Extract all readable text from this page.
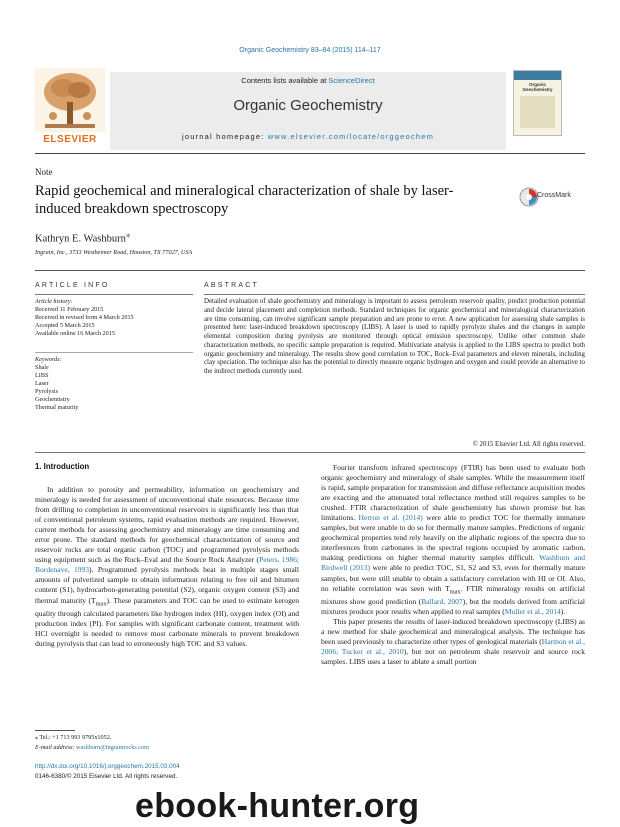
Organic Geochemistry 83–84 (2015) 114–117
ELSEVIER
Contents lists available at ScienceDirect
Organic Geochemistry
journal homepage: www.elsevier.com/locate/orggeochem
Organic Geochemistry
Note
Rapid geochemical and mineralogical characterization of shale by laser-induced breakdown spectroscopy
CrossMark
Kathryn E. Washburn⁎
Ingrain, Inc., 3733 Westheimer Road, Houston, TX 77027, USA
ARTICLE INFO	ABSTRACT
Article history:
Received 11 February 2015
Received in revised form 4 March 2015
Accepted 5 March 2015
Available online 16 March 2015
Keywords:
Shale
LIBS
Laser
Pyrolysis
Geochemistry
Thermal maturity
Detailed evaluation of shale geochemistry and mineralogy is important to assess petroleum reservoir quality, predict production potential and decide lateral placement and completion methods. Standard techniques for organic geochemical and mineralogical characterization are time consuming, can involve significant sample preparation and are prone to error. A new application for assessing shale samples is presented here: laser-induced breakdown spectroscopy (LIBS). A laser is used to rapidly pyrolyze shales and the changes in sample elemental composition during pyrolysis are monitored through optical emission spectroscopy. Unlike other common shale characterization methods, no specific sample preparation is required. Multivariate analysis is applied to the LIBS spectra to predict both organic geochemistry and mineralogy. The results show good correlation to TOC, Rock–Eval parameters and eleven minerals, including clay speciation. The technique also has the potential to directly measure organic hydrogen and oxygen and could provide an alternative to the indirect methods currently used.
© 2015 Elsevier Ltd. All rights reserved.
1. Introduction

In addition to porosity and permeability, information on geochemistry and mineralogy is needed for assessment of unconventional shale resources. Because time from drilling to completion in unconventional reservoirs is significantly less than that of conventional petroleum systems, rapid evaluation methods are required. However, current methods for assessing geochemistry and mineralogy are time consuming and error prone. The standard methods for geochemical characterization of source and reservoir rocks are total organic carbon (TOC) and programmed pyrolysis methods using equipment such as the Rock–Eval and the Source Rock Analyzer (Peters, 1986; Bordenave, 1993). Programmed pyrolysis methods heat in multiple stages small amounts of pulverized sample to obtain information relating to free oil and bitumen content (S1), hydrocarbon-generating potential (S2), organic oxygen content (S3) and thermal maturity $(T_{max})$. These parameters and TOC can be used to estimate kerogen quality through calculated parameters like hydrogen index (HI), oxygen index (OI) and production index (PI). For samples with significant carbonate content, treatment with HCl overnight is needed to remove most carbonate minerals to prevent breakdown during pyrolysis that can lead to erroneously high TOC and S3 values.

Fourier transform infrared spectroscopy (FTIR) has been used to evaluate both organic geochemistry and mineralogy of shale samples. While the measurement itself is rapid, sample preparation for transmission and diffuse reflectance acquisition modes are exacting and the attenuated total reflectance method still requires samples to be crushed. FTIR characterization of shale geochemistry has shown promise but has limitations. Herron et al. (2014) were able to predict TOC for thermally immature samples, but were unable to do so for thermally mature samples. Predictions of organic geochemical properties tend rely heavily on the aliphatic regions of the spectra due to interferences from carbonates in the spectral regions occupied by aromatic carbon, making predictions on higher thermal maturity samples difficult. Washburn and Birdwell (2013) were able to predict TOC, S1, S2 and S3, even for thermally mature samples, but were still unable to obtain a satisfactory correlation with HI or OI. Also, no reliable correlation was seen with $T_{max}$. FTIR mineralogy results on artificial mixtures show good prediction (Ballard, 2007), but the models derived from artificial mixtures produce poor results when applied to real samples (Muller et al., 2014).

This paper presents the results of laser-induced breakdown spectroscopy (LIBS) as a new method for shale geochemical and mineralogical analysis. The technique has been used previously to characterize other types of geological materials (Harmon et al., 2006; Tucker et al., 2010), but not on petroleum shale reservoir and source rock samples. LIBS uses a laser to ablate a small portion

⁎ Tel.: +1 713 993 9795x1052.
E-mail address: washburn@ingrainrocks.com
http://dx.doi.org/10.1016/j.orggeochem.2015.03.004
0146-6380/© 2015 Elsevier Ltd. All rights reserved.
ebook-hunter.org
